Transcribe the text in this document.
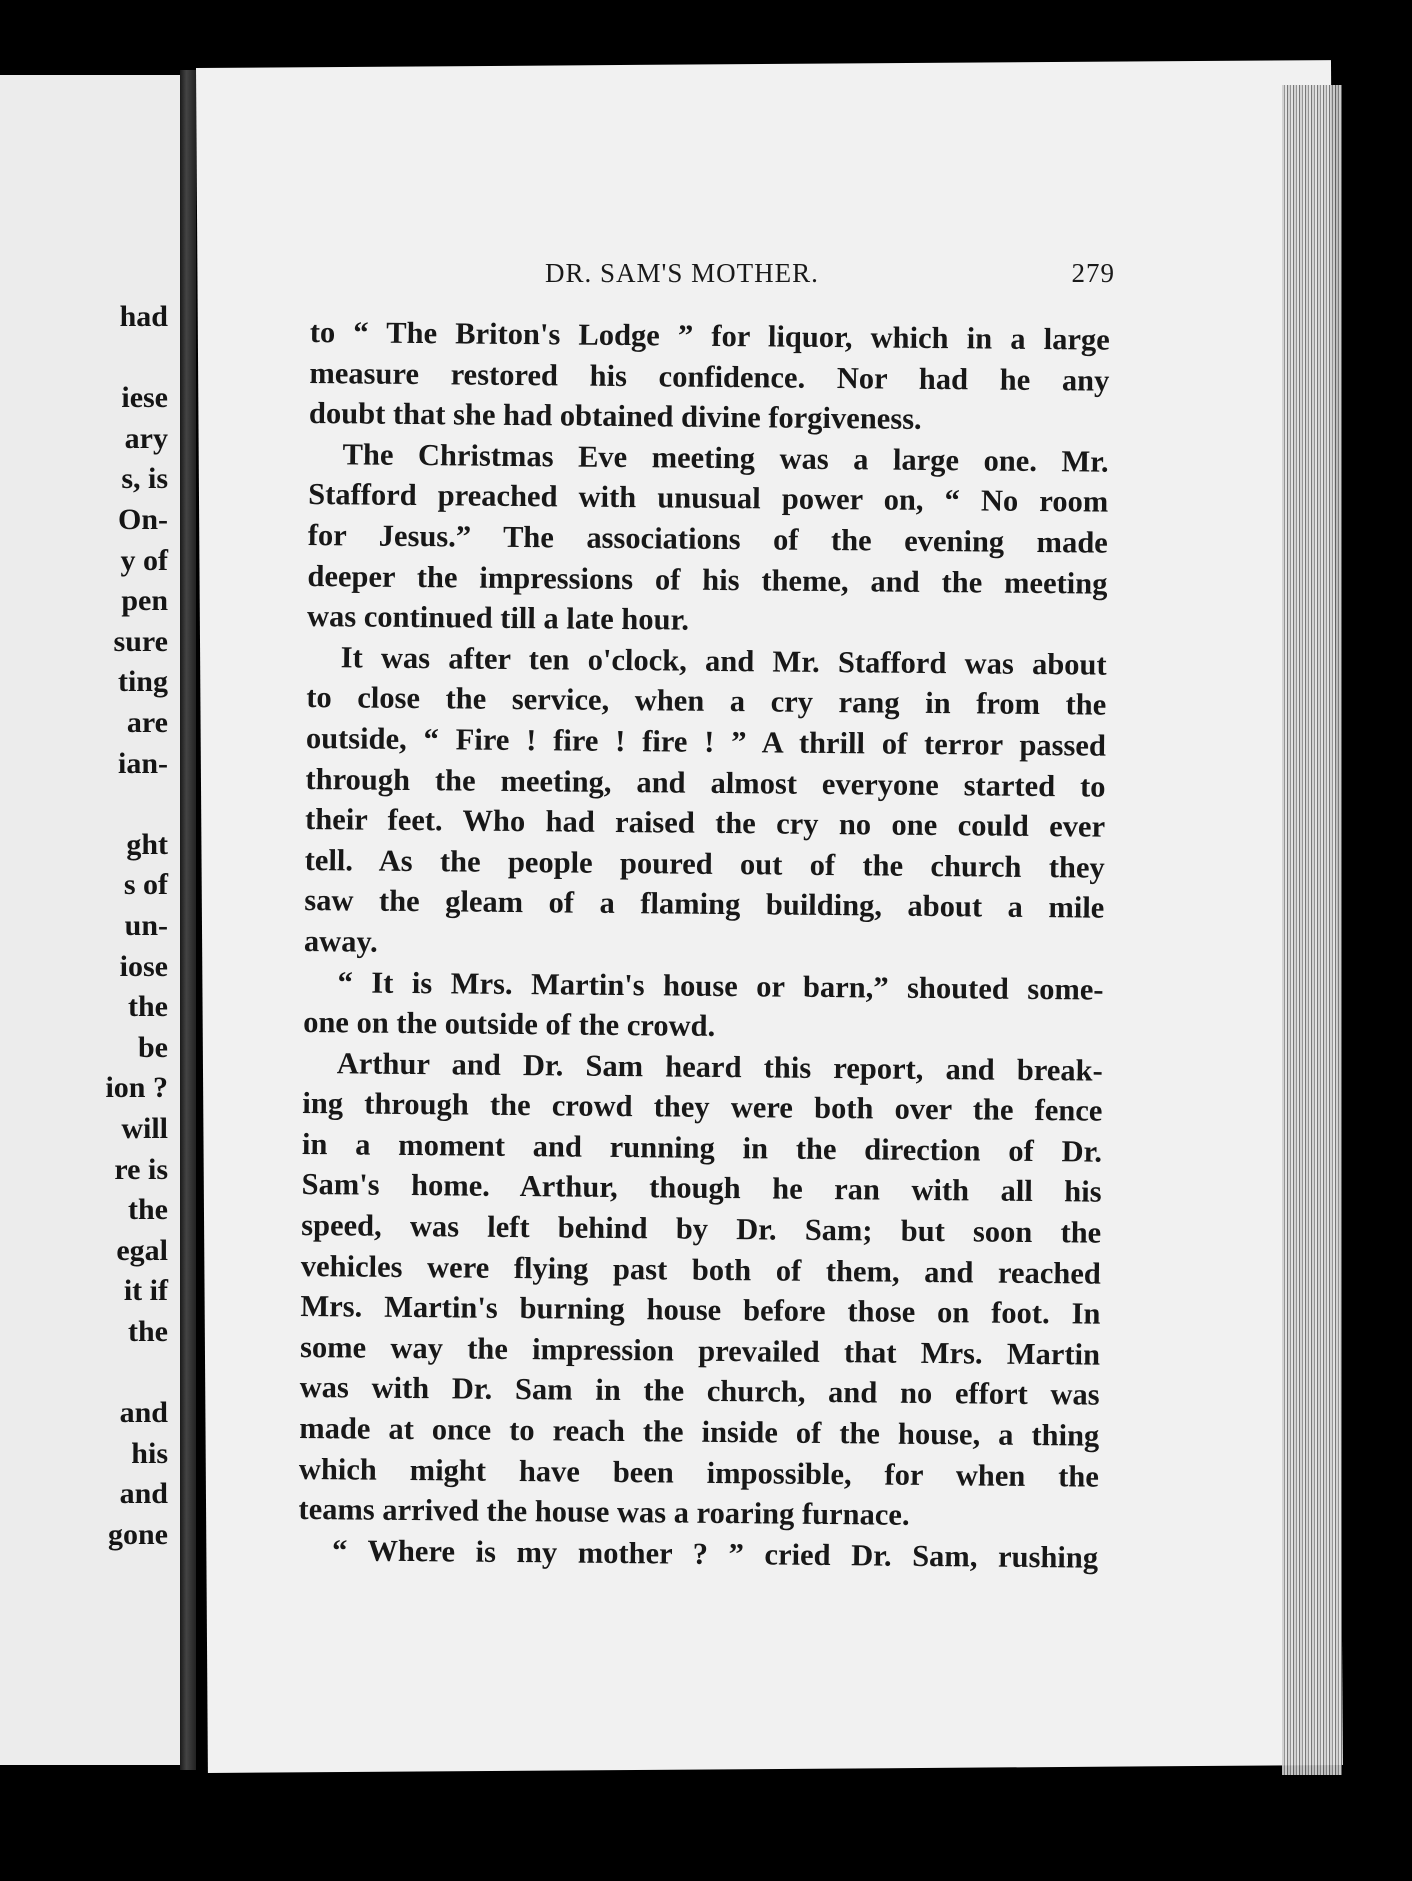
had
iese
ary
s, is
On-
y of
pen
sure
ting
are
ian-
ght
s of
un-
iose
the
be
ion ?
will
re is
the
egal
it if
the
and
his
and
gone
DR. SAM'S MOTHER.	279
to “ The Briton's Lodge ” for liquor, which in a large
measure restored his confidence. Nor had he any
doubt that she had obtained divine forgiveness.
The Christmas Eve meeting was a large one. Mr.
Stafford preached with unusual power on, “ No room
for Jesus.” The associations of the evening made
deeper the impressions of his theme, and the meeting
was continued till a late hour.
It was after ten o'clock, and Mr. Stafford was about
to close the service, when a cry rang in from the
outside, “ Fire ! fire ! fire ! ” A thrill of terror passed
through the meeting, and almost everyone started to
their feet. Who had raised the cry no one could ever
tell. As the people poured out of the church they
saw the gleam of a flaming building, about a mile
away.
“ It is Mrs. Martin's house or barn,” shouted some-
one on the outside of the crowd.
Arthur and Dr. Sam heard this report, and break-
ing through the crowd they were both over the fence
in a moment and running in the direction of Dr.
Sam's home. Arthur, though he ran with all his
speed, was left behind by Dr. Sam; but soon the
vehicles were flying past both of them, and reached
Mrs. Martin's burning house before those on foot. In
some way the impression prevailed that Mrs. Martin
was with Dr. Sam in the church, and no effort was
made at once to reach the inside of the house, a thing
which might have been impossible, for when the
teams arrived the house was a roaring furnace.
“ Where is my mother ? ” cried Dr. Sam, rushing
